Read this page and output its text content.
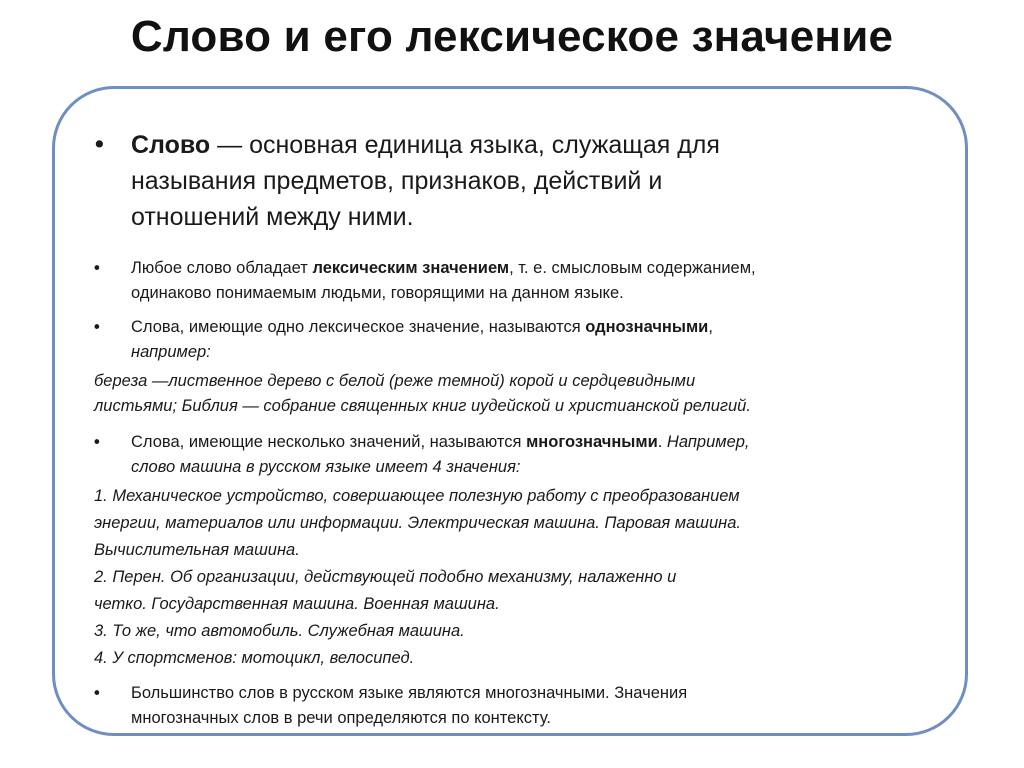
Слово и его лексическое значение
• Слово — основная единица языка, служащая для
называния предметов, признаков, действий и
отношений между ними.
• Любое слово обладает лексическим значением, т. е. смысловым содержанием,
одинаково понимаемым людьми, говорящими на данном языке.
• Слова, имеющие одно лексическое значение, называются однозначными,
например:
береза —лиственное дерево с белой (реже темной) корой и сердцевидными
листьями; Библия — собрание священных книг иудейской и христианской религий.
• Слова, имеющие несколько значений, называются многозначными. Например,
слово машина в русском языке имеет 4 значения:
1. Механическое устройство, совершающее полезную работу с преобразованием
энергии, материалов или информации. Электрическая машина. Паровая машина.
Вычислительная машина.
2. Перен. Об организации, действующей подобно механизму, налаженно и
четко. Государственная машина. Военная машина.
3. То же, что автомобиль. Служебная машина.
4. У спортсменов: мотоцикл, велосипед.
• Большинство слов в русском языке являются многозначными. Значения
многозначных слов в речи определяются по контексту.
